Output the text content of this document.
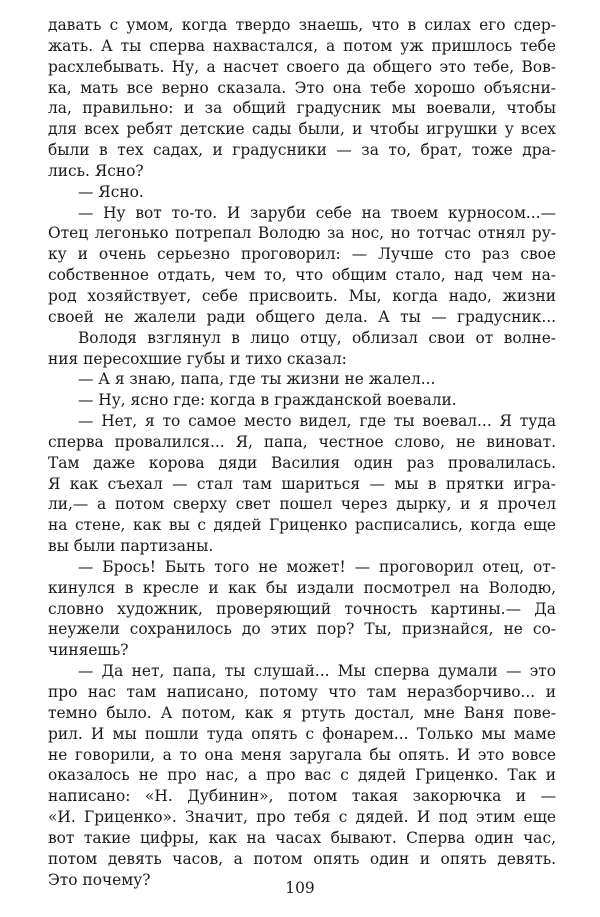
давать с умом, когда твердо знаешь, что в силах его сдер-
жать. А ты сперва нахвастался, а потом уж пришлось тебе
расхлебывать. Ну, а насчет своего да общего это тебе, Вов-
ка, мать все верно сказала. Это она тебе хорошо объясни-
ла, правильно: и за общий градусник мы воевали, чтобы
для всех ребят детские сады были, и чтобы игрушки у всех
были в тех садах, и градусники — за то, брат, тоже дра-
лись. Ясно?
— Ясно.
— Ну вот то-то. И заруби себе на твоем курносом...—
Отец легонько потрепал Володю за нос, но тотчас отнял ру-
ку и очень серьезно проговорил: — Лучше сто раз свое
собственное отдать, чем то, что общим стало, над чем на-
род хозяйствует, себе присвоить. Мы, когда надо, жизни
своей не жалели ради общего дела. А ты — градусник...
Володя взглянул в лицо отцу, облизал свои от волне-
ния пересохшие губы и тихо сказал:
— А я знаю, папа, где ты жизни не жалел...
— Ну, ясно где: когда в гражданской воевали.
— Нет, я то самое место видел, где ты воевал... Я туда
сперва провалился... Я, папа, честное слово, не виноват.
Там даже корова дяди Василия один раз провалилась.
Я как съехал — стал там шариться — мы в прятки игра-
ли,— а потом сверху свет пошел через дырку, и я прочел
на стене, как вы с дядей Гриценко расписались, когда еще
вы были партизаны.
— Брось! Быть того не может! — проговорил отец, от-
кинулся в кресле и как бы издали посмотрел на Володю,
словно художник, проверяющий точность картины.— Да
неужели сохранилось до этих пор? Ты, признайся, не со-
чиняешь?
— Да нет, папа, ты слушай... Мы сперва думали — это
про нас там написано, потому что там неразборчиво... и
темно было. А потом, как я ртуть достал, мне Ваня пове-
рил. И мы пошли туда опять с фонарем... Только мы маме
не говорили, а то она меня заругала бы опять. И это вовсе
оказалось не про нас, а про вас с дядей Гриценко. Так и
написано: «Н. Дубинин», потом такая закорючка и —
«И. Гриценко». Значит, про тебя с дядей. И под этим еще
вот такие цифры, как на часах бывают. Сперва один час,
потом девять часов, а потом опять один и опять девять.
Это почему?	109
